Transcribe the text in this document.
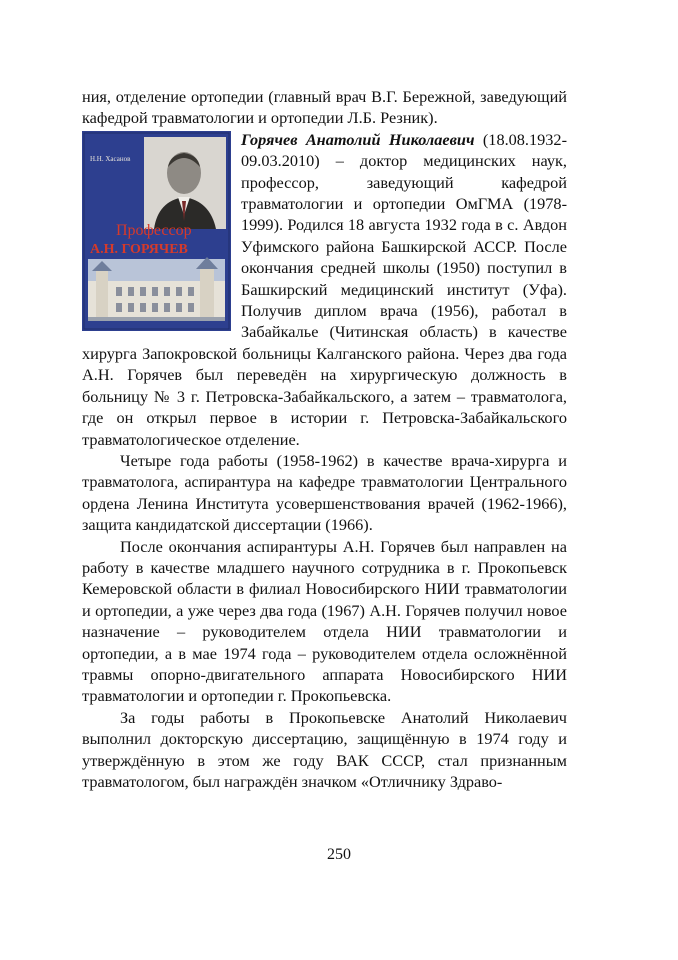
ния, отделение ортопедии (главный врач В.Г. Бережной, заведующий кафедрой травматологии и ортопедии Л.Б. Резник).

Н.Н. Хасанов
Профессор
А.Н. ГОРЯЧЕВ

Горячев Анатолий Николаевич (18.08.1932-09.03.2010) – доктор медицинских наук, профессор, заведующий кафедрой травматологии и ортопедии ОмГМА (1978-1999). Родился 18 августа 1932 года в с. Авдон Уфимского района Башкирской АССР. После окончания средней школы (1950) поступил в Башкирский медицинский институт (Уфа). Получив диплом врача (1956), работал в Забайкалье (Читинская область) в качестве хирурга Запокровской больницы Калганского района. Через два года А.Н. Горячев был переведён на хирургическую должность в больницу № 3 г. Петровска-Забайкальского, а затем – травматолога, где он открыл первое в истории г. Петровска-Забайкальского травматологическое отделение.

Четыре года работы (1958-1962) в качестве врача-хирурга и травматолога, аспирантура на кафедре травматологии Центрального ордена Ленина Института усовершенствования врачей (1962-1966), защита кандидатской диссертации (1966).

После окончания аспирантуры А.Н. Горячев был направлен на работу в качестве младшего научного сотрудника в г. Прокопьевск Кемеровской области в филиал Новосибирского НИИ травматологии и ортопедии, а уже через два года (1967) А.Н. Горячев получил новое назначение – руководителем отдела НИИ травматологии и ортопедии, а в мае 1974 года – руководителем отдела осложнённой травмы опорно-двигательного аппарата Новосибирского НИИ травматологии и ортопедии г. Прокопьевска.

За годы работы в Прокопьевске Анатолий Николаевич выполнил докторскую диссертацию, защищённую в 1974 году и утверждённую в этом же году ВАК СССР, стал признанным травматологом, был награждён значком «Отличнику Здраво-

250
